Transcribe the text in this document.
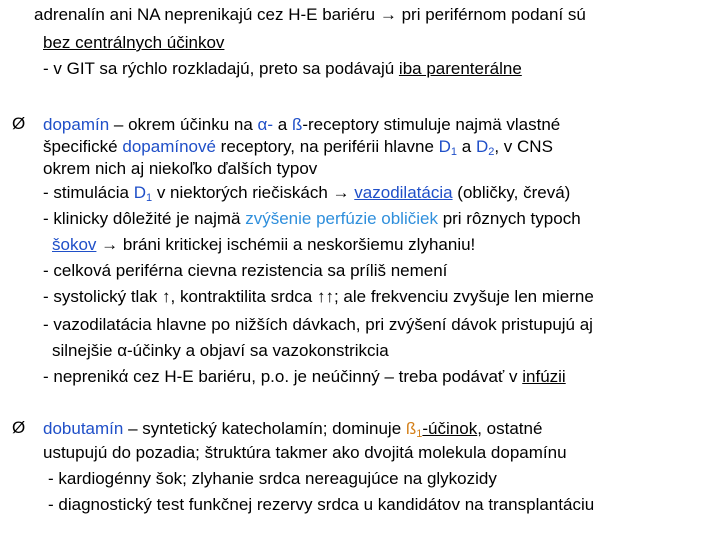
adrenalín ani NA neprenikajú cez H-E bariéru → pri periférnom podaní sú
bez centrálnych účinkov
- v GIT sa rýchlo rozkladajú, preto sa podávajú iba parenterálne
Ø dopamín – okrem účinku na α- a ß-receptory stimuluje najmä vlastné
špecifické dopamínové receptory, na periférii hlavne $D_1$ a $D_2$, v CNS
okrem nich aj niekoľko ďalších typov
- stimulácia $D_1$ v niektorých riečiskách → vazodilatácia (obličky, črevá)
- klinicky dôležité je najmä zvýšenie perfúzie obličiek pri rôznych typoch
šokov → bráni kritickej ischémii a neskoršiemu zlyhaniu!
- celková periférna cievna rezistencia sa príliš nemení
- systolický tlak ↑, kontraktilita srdca ↑↑; ale frekvenciu zvyšuje len mierne
- vazodilatácia hlavne po nižších dávkach, pri zvýšení dávok pristupujú aj
silnejšie α-účinky a objaví sa vazokonstrikcia
- neprenikά cez H-E bariéru, p.o. je neúčinný – treba podávať v infúzii
Ø dobutamín – syntetický katecholamín; dominuje $ß_1$-účinok, ostatné
ustupujú do pozadia; štruktúra takmer ako dvojitá molekula dopamínu
- kardiogénny šok; zlyhanie srdca nereagujúce na glykozidy
- diagnostický test funkčnej rezervy srdca u kandidátov na transplantáciu
